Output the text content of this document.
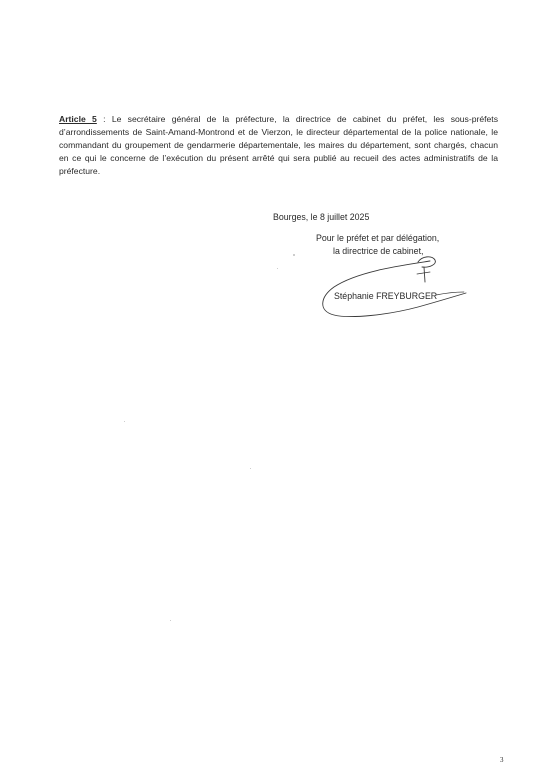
Article 5 : Le secrétaire général de la préfecture, la directrice de cabinet du préfet, les sous-préfets d’arrondissements de Saint-Amand-Montrond et de Vierzon, le directeur départemental de la police nationale, le commandant du groupement de gendarmerie départementale, les maires du département, sont chargés, chacun en ce qui le concerne de l’exécution du présent arrêté qui sera publié au recueil des actes administratifs de la préfecture.

Bourges, le 8 juillet 2025
Pour le préfet et par délégation,
la directrice de cabinet,
Stéphanie FREYBURGER
3
